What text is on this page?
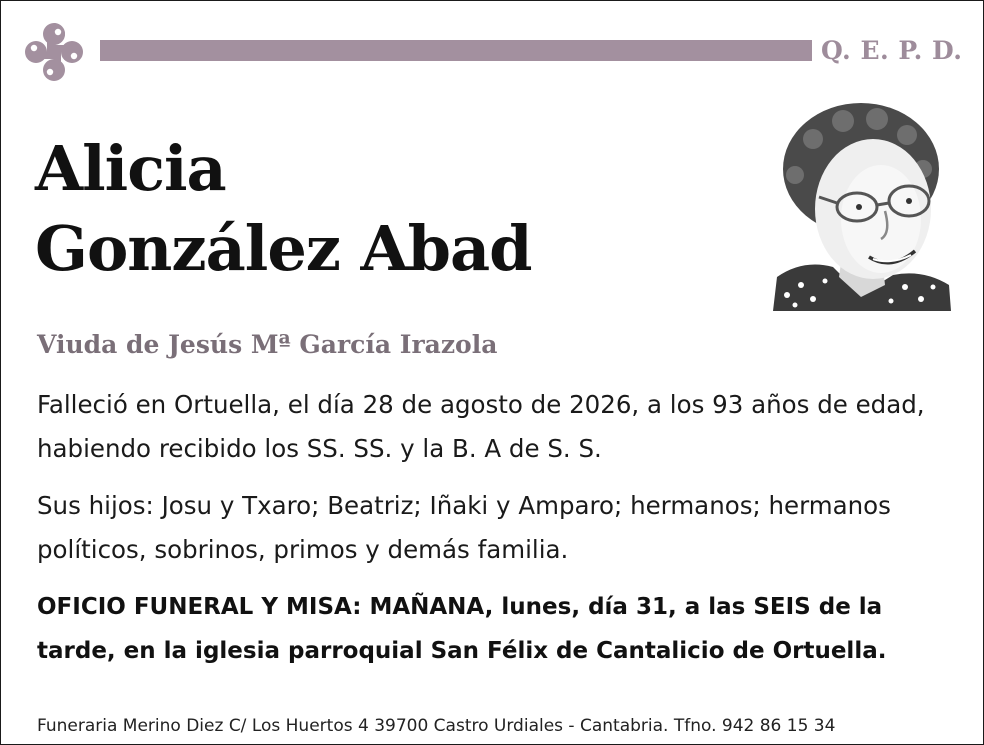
Q. E. P. D.
Alicia
González Abad
Viuda de Jesús Mª García Irazola
Falleció en Ortuella, el día 28 de agosto de 2026, a los 93 años de edad, habiendo recibido los SS. SS. y la B. A de S. S.
Sus hijos: Josu y Txaro; Beatriz; Iñaki y Amparo; hermanos; hermanos políticos, sobrinos, primos y demás familia.
OFICIO FUNERAL Y MISA: MAÑANA, lunes, día 31, a las SEIS de la tarde, en la iglesia parroquial San Félix de Cantalicio de Ortuella.
Funeraria Merino Diez C/ Los Huertos 4 39700 Castro Urdiales - Cantabria. Tfno. 942 86 15 34
